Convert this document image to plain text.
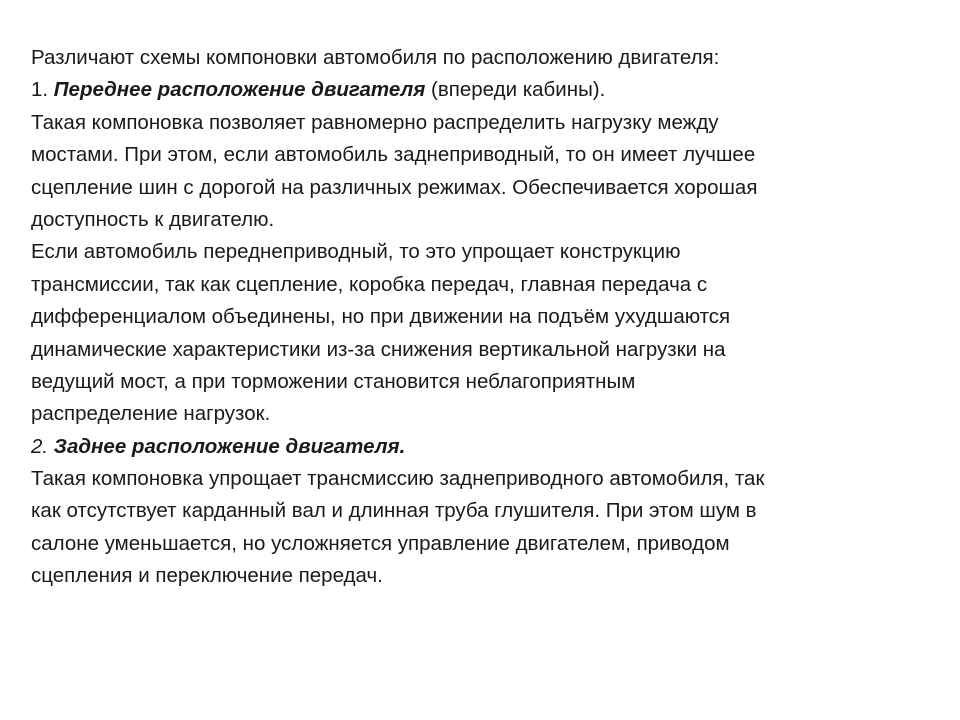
Различают схемы компоновки автомобиля по расположению двигателя:
1. Переднее расположение двигателя (впереди кабины).
Такая компоновка позволяет равномерно распределить нагрузку между
мостами. При этом, если автомобиль заднеприводный, то он имеет лучшее
сцепление шин с дорогой на различных режимах. Обеспечивается хорошая
доступность к двигателю.
Если автомобиль переднеприводный, то это упрощает конструкцию
трансмиссии, так как сцепление, коробка передач, главная передача с
дифференциалом объединены, но при движении на подъём ухудшаются
динамические характеристики из-за снижения вертикальной нагрузки на
ведущий мост, а при торможении становится неблагоприятным
распределение нагрузок.
2. Заднее расположение двигателя.
Такая компоновка упрощает трансмиссию заднеприводного автомобиля, так
как отсутствует карданный вал и длинная труба глушителя. При этом шум в
салоне уменьшается, но усложняется управление двигателем, приводом
сцепления и переключение передач.
